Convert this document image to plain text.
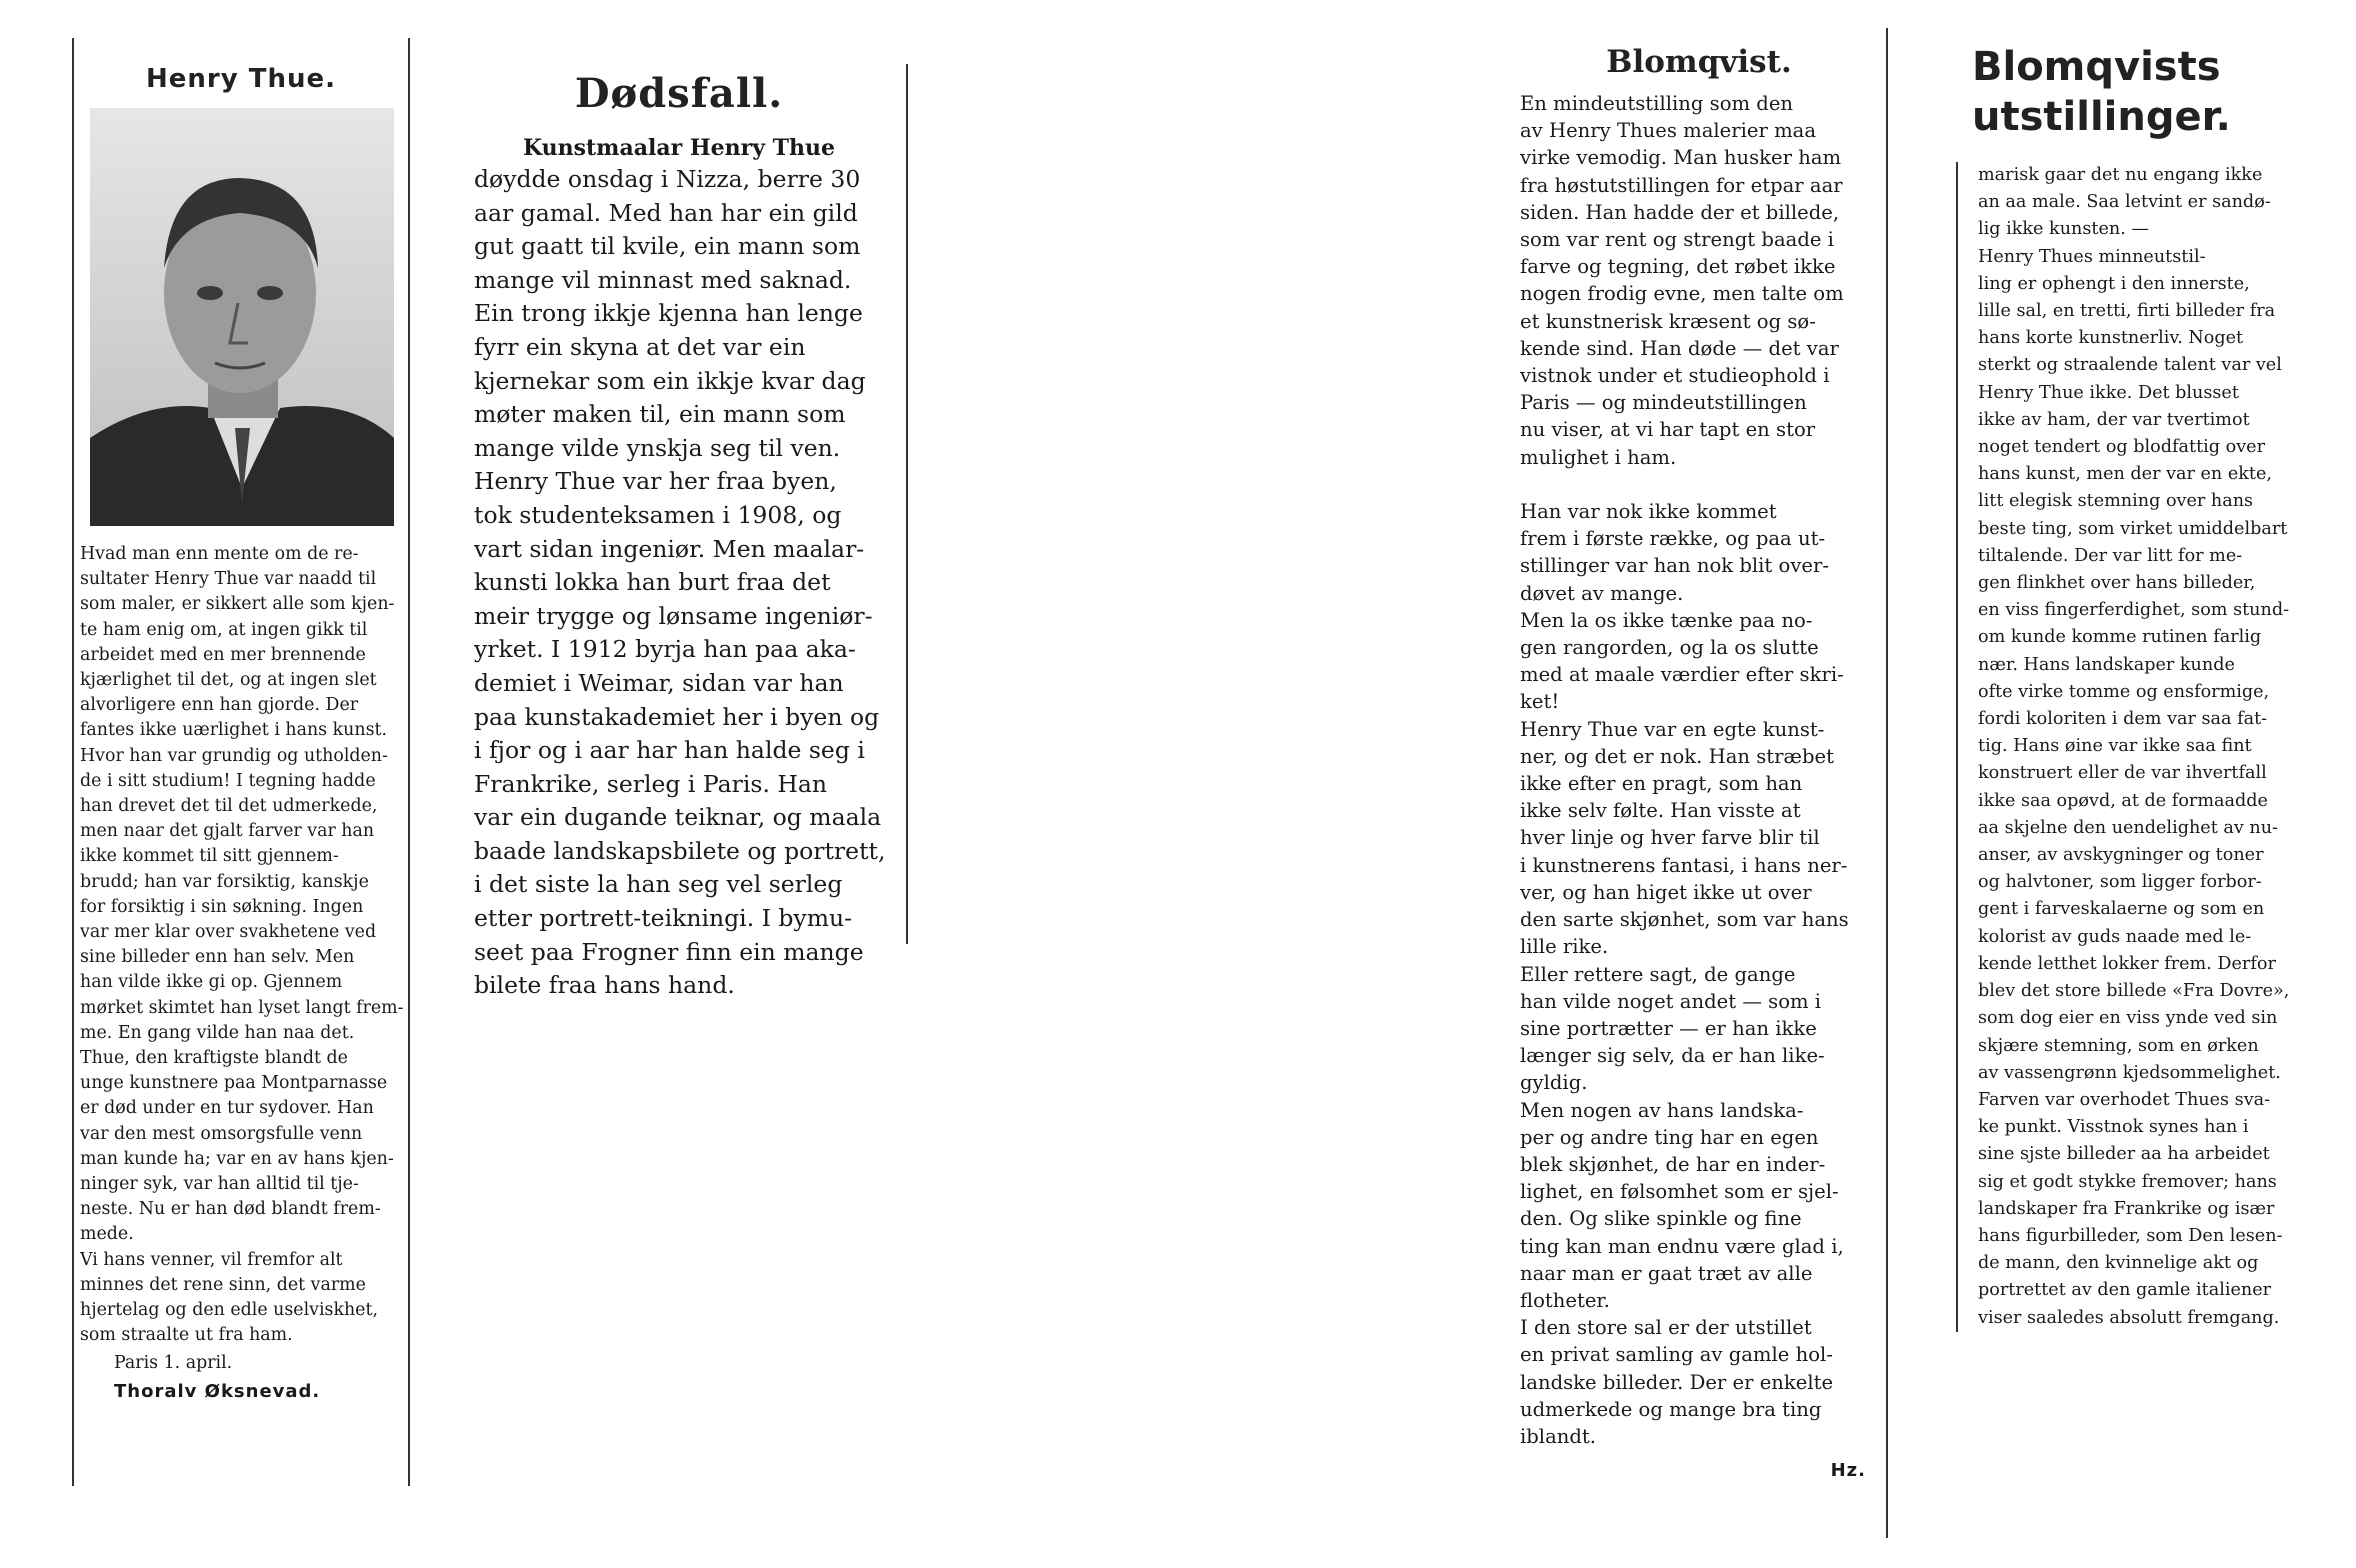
Henry Thue.
Hvad man enn mente om de re-
sultater Henry Thue var naadd til
som maler, er sikkert alle som kjen-
te ham enig om, at ingen gikk til
arbeidet med en mer brennende
kjærlighet til det, og at ingen slet
alvorligere enn han gjorde. Der
fantes ikke uærlighet i hans kunst.
Hvor han var grundig og utholden-
de i sitt studium! I tegning hadde
han drevet det til det udmerkede,
men naar det gjalt farver var han
ikke kommet til sitt gjennem-
brudd; han var forsiktig, kanskje
for forsiktig i sin søkning. Ingen
var mer klar over svakhetene ved
sine billeder enn han selv. Men
han vilde ikke gi op. Gjennem
mørket skimtet han lyset langt frem-
me. En gang vilde han naa det.
Thue, den kraftigste blandt de
unge kunstnere paa Montparnasse
er død under en tur sydover. Han
var den mest omsorgsfulle venn
man kunde ha; var en av hans kjen-
ninger syk, var han alltid til tje-
neste. Nu er han død blandt frem-
mede.
Vi hans venner, vil fremfor alt
minnes det rene sinn, det varme
hjertelag og den edle uselviskhet,
som straalte ut fra ham.
Paris 1. april.
Thoralv Øksnevad.
Dødsfall.
Kunstmaalar Henry Thue
døydde onsdag i Nizza, berre 30
aar gamal. Med han har ein gild
gut gaatt til kvile, ein mann som
mange vil minnast med saknad.
Ein trong ikkje kjenna han lenge
fyrr ein skyna at det var ein
kjernekar som ein ikkje kvar dag
møter maken til, ein mann som
mange vilde ynskja seg til ven.
Henry Thue var her fraa byen,
tok studenteksamen i 1908, og
vart sidan ingeniør. Men maalar-
kunsti lokka han burt fraa det
meir trygge og lønsame ingeniør-
yrket. I 1912 byrja han paa aka-
demiet i Weimar, sidan var han
paa kunstakademiet her i byen og
i fjor og i aar har han halde seg i
Frankrike, serleg i Paris. Han
var ein dugande teiknar, og maala
baade landskapsbilete og portrett,
i det siste la han seg vel serleg
etter portrett-teikningi. I bymu-
seet paa Frogner finn ein mange
bilete fraa hans hand.
Blomqvist.
En mindeutstilling som den
av Henry Thues malerier maa
virke vemodig. Man husker ham
fra høstutstillingen for etpar aar
siden. Han hadde der et billede,
som var rent og strengt baade i
farve og tegning, det røbet ikke
nogen frodig evne, men talte om
et kunstnerisk kræsent og sø-
kende sind. Han døde — det var
vistnok under et studieophold i
Paris — og mindeutstillingen
nu viser, at vi har tapt en stor
mulighet i ham.

Han var nok ikke kommet
frem i første række, og paa ut-
stillinger var han nok blit over-
døvet av mange.
Men la os ikke tænke paa no-
gen rangorden, og la os slutte
med at maale værdier efter skri-
ket!
Henry Thue var en egte kunst-
ner, og det er nok. Han stræbet
ikke efter en pragt, som han
ikke selv følte. Han visste at
hver linje og hver farve blir til
i kunstnerens fantasi, i hans ner-
ver, og han higet ikke ut over
den sarte skjønhet, som var hans
lille rike.
Eller rettere sagt, de gange
han vilde noget andet — som i
sine portrætter — er han ikke
længer sig selv, da er han like-
gyldig.
Men nogen av hans landska-
per og andre ting har en egen
blek skjønhet, de har en inder-
lighet, en følsomhet som er sjel-
den. Og slike spinkle og fine
ting kan man endnu være glad i,
naar man er gaat træt av alle
flotheter.
I den store sal er der utstillet
en privat samling av gamle hol-
landske billeder. Der er enkelte
udmerkede og mange bra ting
iblandt.
Hz.
Blomqvists
utstillinger.
marisk gaar det nu engang ikke
an aa male. Saa letvint er sandø-
lig ikke kunsten. —
Henry Thues minneutstil-
ling er ophengt i den innerste,
lille sal, en tretti, firti billeder fra
hans korte kunstnerliv. Noget
sterkt og straalende talent var vel
Henry Thue ikke. Det blusset
ikke av ham, der var tvertimot
noget tendert og blodfattig over
hans kunst, men der var en ekte,
litt elegisk stemning over hans
beste ting, som virket umiddelbart
tiltalende. Der var litt for me-
gen flinkhet over hans billeder,
en viss fingerferdighet, som stund-
om kunde komme rutinen farlig
nær. Hans landskaper kunde
ofte virke tomme og ensformige,
fordi koloriten i dem var saa fat-
tig. Hans øine var ikke saa fint
konstruert eller de var ihvertfall
ikke saa opøvd, at de formaadde
aa skjelne den uendelighet av nu-
anser, av avskygninger og toner
og halvtoner, som ligger forbor-
gent i farveskalaerne og som en
kolorist av guds naade med le-
kende letthet lokker frem. Derfor
blev det store billede «Fra Dovre»,
som dog eier en viss ynde ved sin
skjære stemning, som en ørken
av vassengrønn kjedsommelighet.
Farven var overhodet Thues sva-
ke punkt. Visstnok synes han i
sine sjste billeder aa ha arbeidet
sig et godt stykke fremover; hans
landskaper fra Frankrike og især
hans figurbilleder, som Den lesen-
de mann, den kvinnelige akt og
portrettet av den gamle italiener
viser saaledes absolutt fremgang.
